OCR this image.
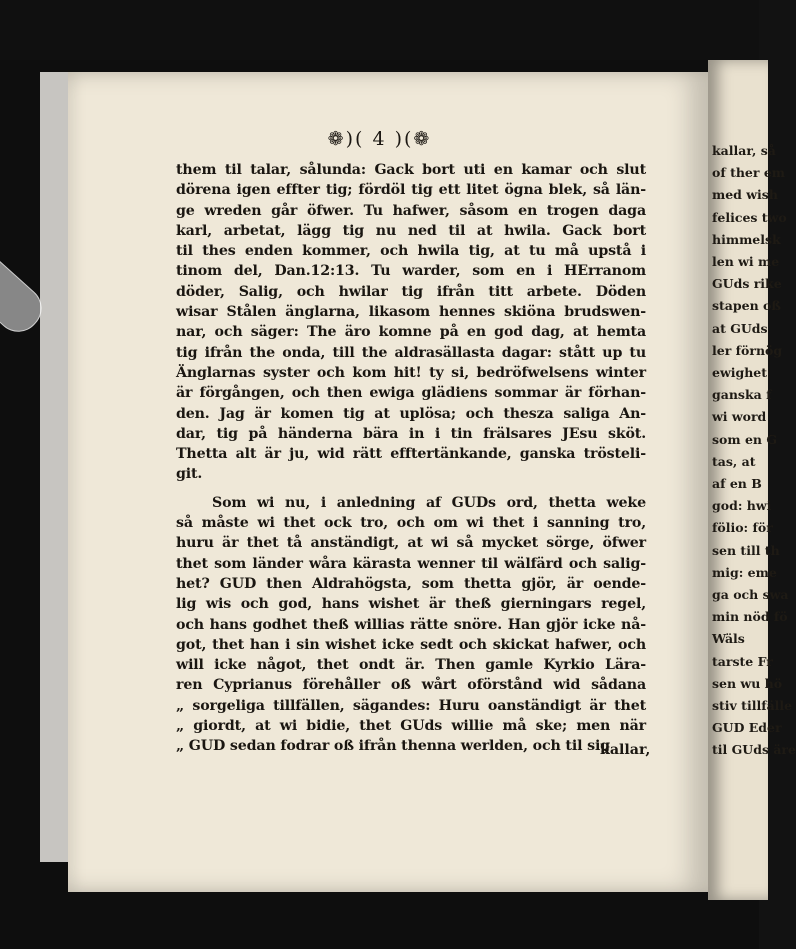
❁)( 4 )(❁
them til talar, sålunda: Gack bort uti en kamar och slut
dörena igen effter tig; fördöl tig ett litet ögna blek, så län-
ge wreden går öfwer. Tu hafwer, såsom en trogen daga
karl, arbetat, lägg tig nu ned til at hwila. Gack bort
til thes enden kommer, och hwila tig, at tu må upstå i
tinom del, Dan.12:13. Tu warder, som en i HErranom
döder, Salig, och hwilar tig ifrån titt arbete. Döden
wisar Stålen änglarna, likasom hennes skiöna brudswen-
nar, och säger: The äro komne på en god dag, at hemta
tig ifrån the onda, till the aldrasällasta dagar: stått up tu
Änglarnas syster och kom hit! ty si, bedröfwelsens winter
är förgången, och then ewiga glädiens sommar är förhan-
den. Jag är komen tig at uplösa; och thesza saliga An-
dar, tig på händerna bära in i tin frälsares JEsu sköt.
Thetta alt är ju, wid rätt efftertänkande, ganska trösteli-
git.
Som wi nu, i anledning af GUDs ord, thetta weke
så måste wi thet ock tro, och om wi thet i sanning tro,
huru är thet tå anständigt, at wi så mycket sörge, öfwer
thet som länder wåra kärasta wenner til wälfärd och salig-
het? GUD then Aldrahögsta, som thetta gjör, är oende-
lig wis och god, hans wishet är theß gierningars regel,
och hans godhet theß willias rätte snöre. Han gjör icke nå-
got, thet han i sin wishet icke sedt och skickat hafwer, och
will icke något, thet ondt är. Then gamle Kyrkio Lära-
ren Cyprianus förehåller oß wårt oförstånd wid sådana
„ sorgeliga tillfällen, sägandes: Huru oanständigt är thet
„ giordt, at wi bidie, thet GUds willie må ske; men när
„ GUD sedan fodrar oß ifrån thenna werlden, och til sig
kallar,
kallar, så
of ther em
med wish
felices two
himmelsk
len wi me
GUds rike
stapen oß
at GUds
ler förnög
ewighet
ganska f
wi word
som en G
tas, at
af en B
god: hwi
fölio: för
sen till th
mig: eme
ga och swa
min nöd fö
Wäls
tarste Fr
sen wu hö
stiv tillfälle
GUD Eder
til GUds äre
